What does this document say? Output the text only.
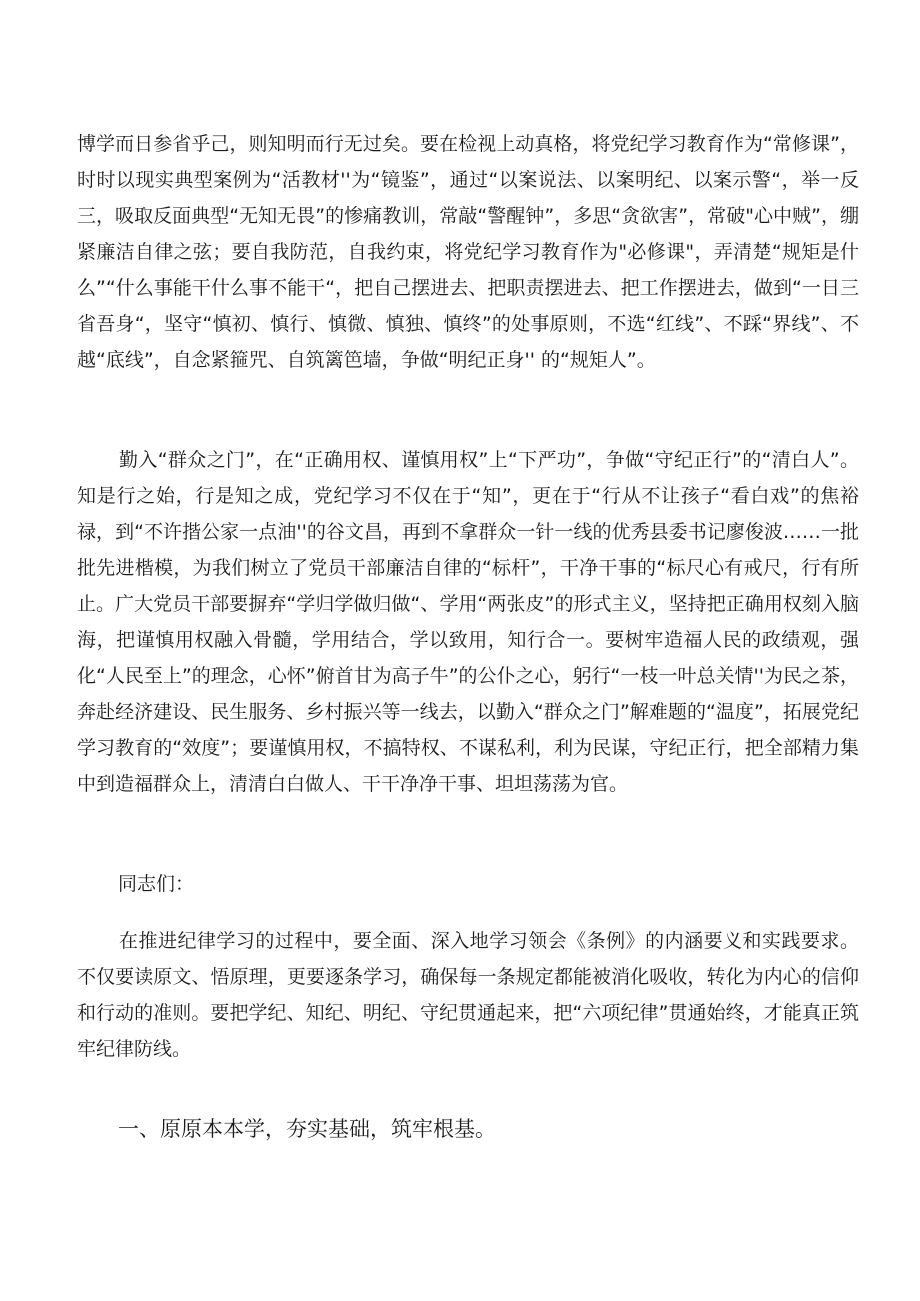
博学而日参省乎己，则知明而行无过矣。要在检视上动真格，将党纪学习教育作为“常修课”，时时以现实典型案例为“活教材''为“镜鉴”，通过“以案说法、以案明纪、以案示警“，举一反三，吸取反面典型“无知无畏”的惨痛教训，常敲“警醒钟”，多思“贪欲害”，常破"心中贼”，绷紧廉洁自律之弦；要自我防范，自我约束，将党纪学习教育作为"必修课"，弄清楚“规矩是什么”“什么事能干什么事不能干“，把自己摆进去、把职责摆进去、把工作摆进去，做到“一日三省吾身“，坚守“慎初、慎行、慎微、慎独、慎终”的处事原则，不选“红线”、不踩“界线”、不越“底线”，自念紧箍咒、自筑篱笆墙，争做“明纪正身'' 的“规矩人”。

勤入“群众之门”，在“正确用权、谨慎用权”上“下严功”，争做“守纪正行”的“清白人”。知是行之始，行是知之成，党纪学习不仅在于“知”，更在于“行从不让孩子“看白戏”的焦裕禄，到“不许揩公家一点油''的谷文昌，再到不拿群众一针一线的优秀县委书记廖俊波……一批批先进楷模，为我们树立了党员干部廉洁自律的“标杆”，干净干事的“标尺心有戒尺，行有所止。广大党员干部要摒弃“学归学做归做“、学用“两张皮”的形式主义，坚持把正确用权刻入脑海，把谨慎用权融入骨髓，学用结合，学以致用，知行合一。要树牢造福人民的政绩观，强化“人民至上”的理念，心怀”俯首甘为高子牛”的公仆之心，躬行“一枝一叶总关情''为民之茶，奔赴经济建设、民生服务、乡村振兴等一线去，以勤入“群众之门”解难题的“温度”，拓展党纪学习教育的“效度”；要谨慎用权，不搞特权、不谋私利，利为民谋，守纪正行，把全部精力集中到造福群众上，清清白白做人、干干净净干事、坦坦荡荡为官。

同志们：

在推进纪律学习的过程中，要全面、深入地学习领会《条例》的内涵要义和实践要求。不仅要读原文、悟原理，更要逐条学习，确保每一条规定都能被消化吸收，转化为内心的信仰和行动的准则。要把学纪、知纪、明纪、守纪贯通起来，把“六项纪律”贯通始终，才能真正筑牢纪律防线。

一、原原本本学，夯实基础，筑牢根基。
